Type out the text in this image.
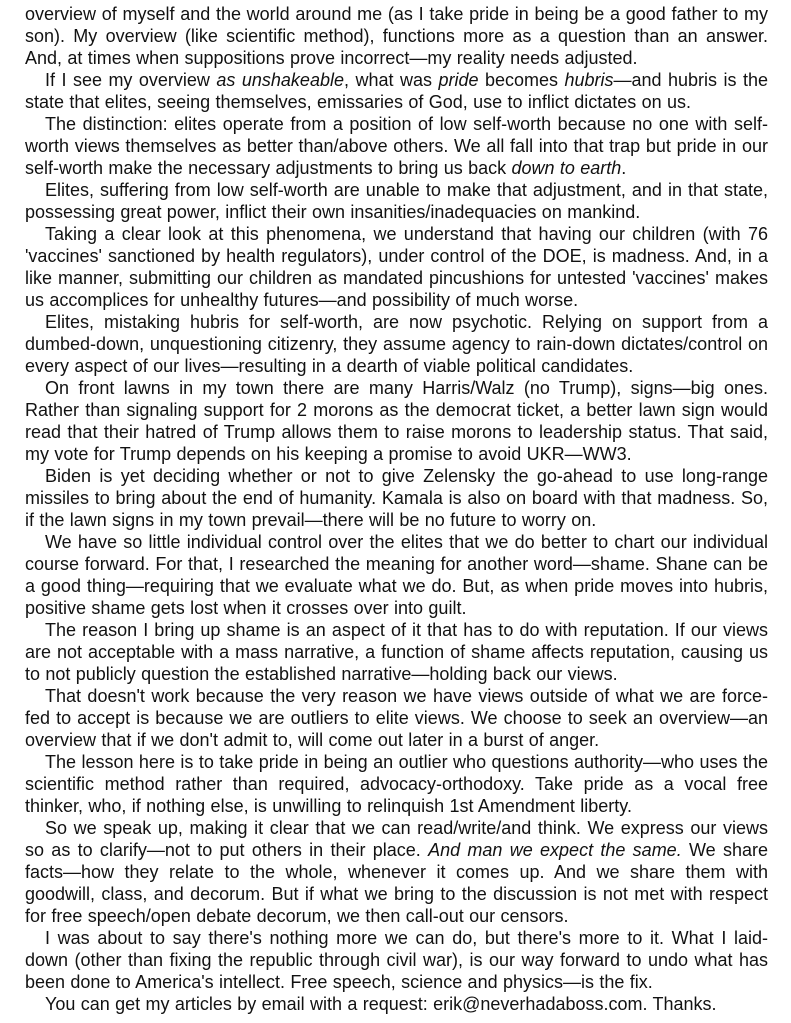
overview of myself and the world around me (as I take pride in being be a good father to my son). My overview (like scientific method), functions more as a question than an answer. And, at times when suppositions prove incorrect—my reality needs adjusted.

If I see my overview as unshakeable, what was pride becomes hubris—and hubris is the state that elites, seeing themselves, emissaries of God, use to inflict dictates on us.

The distinction: elites operate from a position of low self-worth because no one with self-worth views themselves as better than/above others. We all fall into that trap but pride in our self-worth make the necessary adjustments to bring us back down to earth.

Elites, suffering from low self-worth are unable to make that adjustment, and in that state, possessing great power, inflict their own insanities/inadequacies on mankind.

Taking a clear look at this phenomena, we understand that having our children (with 76 'vaccines' sanctioned by health regulators), under control of the DOE, is madness. And, in a like manner, submitting our children as mandated pincushions for untested 'vaccines' makes us accomplices for unhealthy futures—and possibility of much worse.

Elites, mistaking hubris for self-worth, are now psychotic. Relying on support from a dumbed-down, unquestioning citizenry, they assume agency to rain-down dictates/control on every aspect of our lives—resulting in a dearth of viable political candidates.

On front lawns in my town there are many Harris/Walz (no Trump), signs—big ones. Rather than signaling support for 2 morons as the democrat ticket, a better lawn sign would read that their hatred of Trump allows them to raise morons to leadership status. That said, my vote for Trump depends on his keeping a promise to avoid UKR—WW3.

Biden is yet deciding whether or not to give Zelensky the go-ahead to use long-range missiles to bring about the end of humanity. Kamala is also on board with that madness. So, if the lawn signs in my town prevail—there will be no future to worry on.

We have so little individual control over the elites that we do better to chart our individual course forward. For that, I researched the meaning for another word—shame. Shane can be a good thing—requiring that we evaluate what we do. But, as when pride moves into hubris, positive shame gets lost when it crosses over into guilt.

The reason I bring up shame is an aspect of it that has to do with reputation. If our views are not acceptable with a mass narrative, a function of shame affects reputation, causing us to not publicly question the established narrative—holding back our views.

That doesn't work because the very reason we have views outside of what we are force-fed to accept is because we are outliers to elite views. We choose to seek an overview—an overview that if we don't admit to, will come out later in a burst of anger.

The lesson here is to take pride in being an outlier who questions authority—who uses the scientific method rather than required, advocacy-orthodoxy. Take pride as a vocal free thinker, who, if nothing else, is unwilling to relinquish 1st Amendment liberty.

So we speak up, making it clear that we can read/write/and think. We express our views so as to clarify—not to put others in their place. And man we expect the same. We share facts—how they relate to the whole, whenever it comes up. And we share them with goodwill, class, and decorum. But if what we bring to the discussion is not met with respect for free speech/open debate decorum, we then call-out our censors.

I was about to say there's nothing more we can do, but there's more to it. What I laid-down (other than fixing the republic through civil war), is our way forward to undo what has been done to America's intellect. Free speech, science and physics—is the fix.

You can get my articles by email with a request: erik@neverhadaboss.com. Thanks.
